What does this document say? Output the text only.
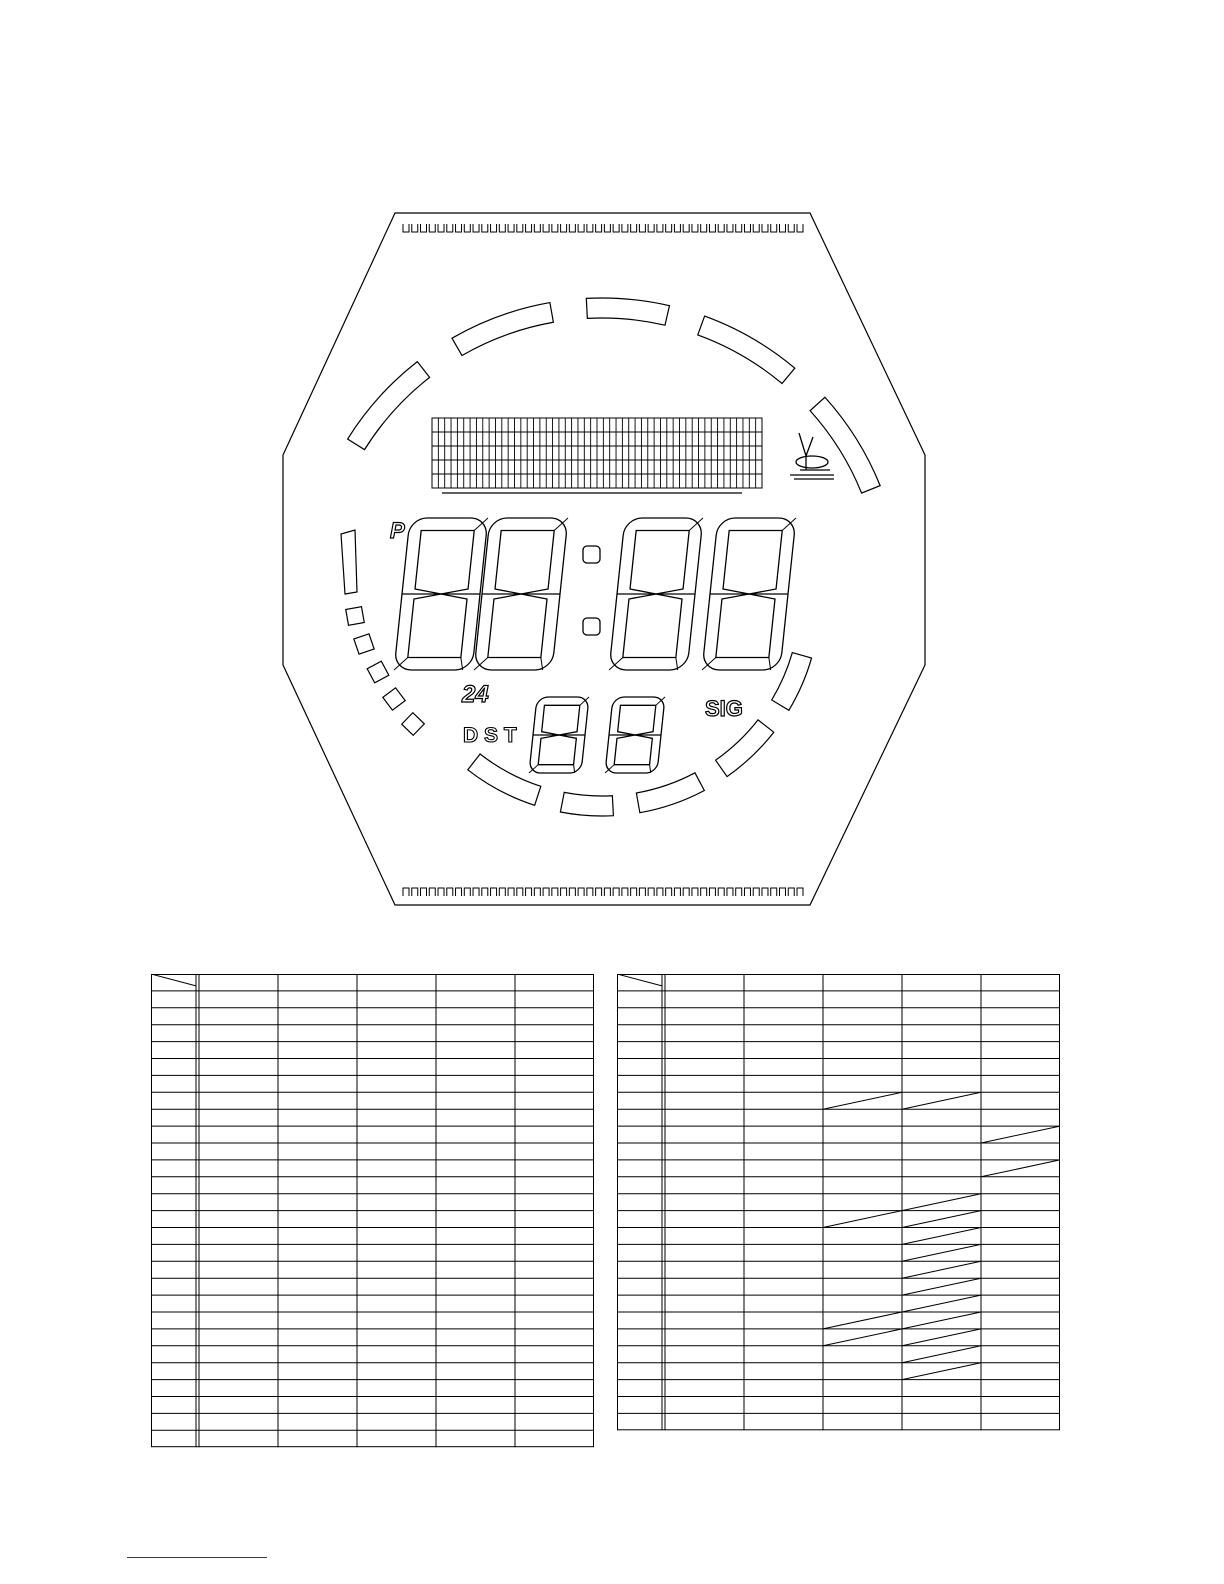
P
24
D S T
SIG
